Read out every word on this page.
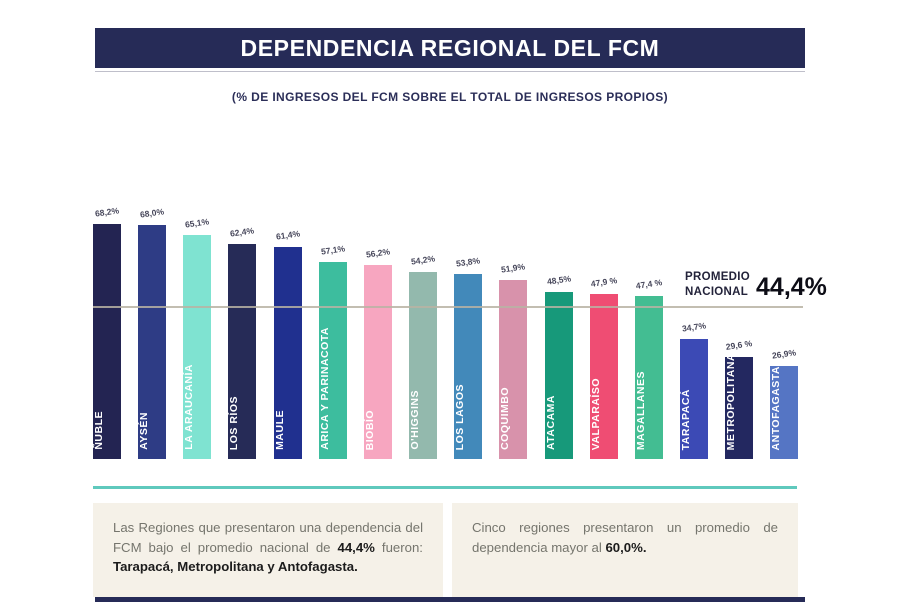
DEPENDENCIA REGIONAL DEL FCM
(% DE INGRESOS DEL FCM SOBRE EL TOTAL DE INGRESOS PROPIOS)
PROMEDIO
NACIONAL 44,4%
ÑUBLE
68,2%
AYSÉN
68,0%
LA ARAUCANÍA
65,1%
LOS RÍOS
62,4%
MAULE
61,4%
ARICA Y PARINACOTA
57,1%
BIOBÍO
56,2%
O'HIGGINS
54,2%
LOS LAGOS
53,8%
COQUIMBO
51,9%
ATACAMA
48,5%
VALPARAÍSO
47,9 %
MAGALLANES
47,4 %
TARAPACÁ
34,7%
METROPOLITANA
29,6 %
ANTOFAGASTA
26,9%

Las Regiones que presentaron una dependencia del FCM bajo el promedio nacional de 44,4% fueron: Tarapacá, Metropolitana y Antofagasta.

Cinco regiones presentaron un promedio de dependencia mayor al 60,0%.
